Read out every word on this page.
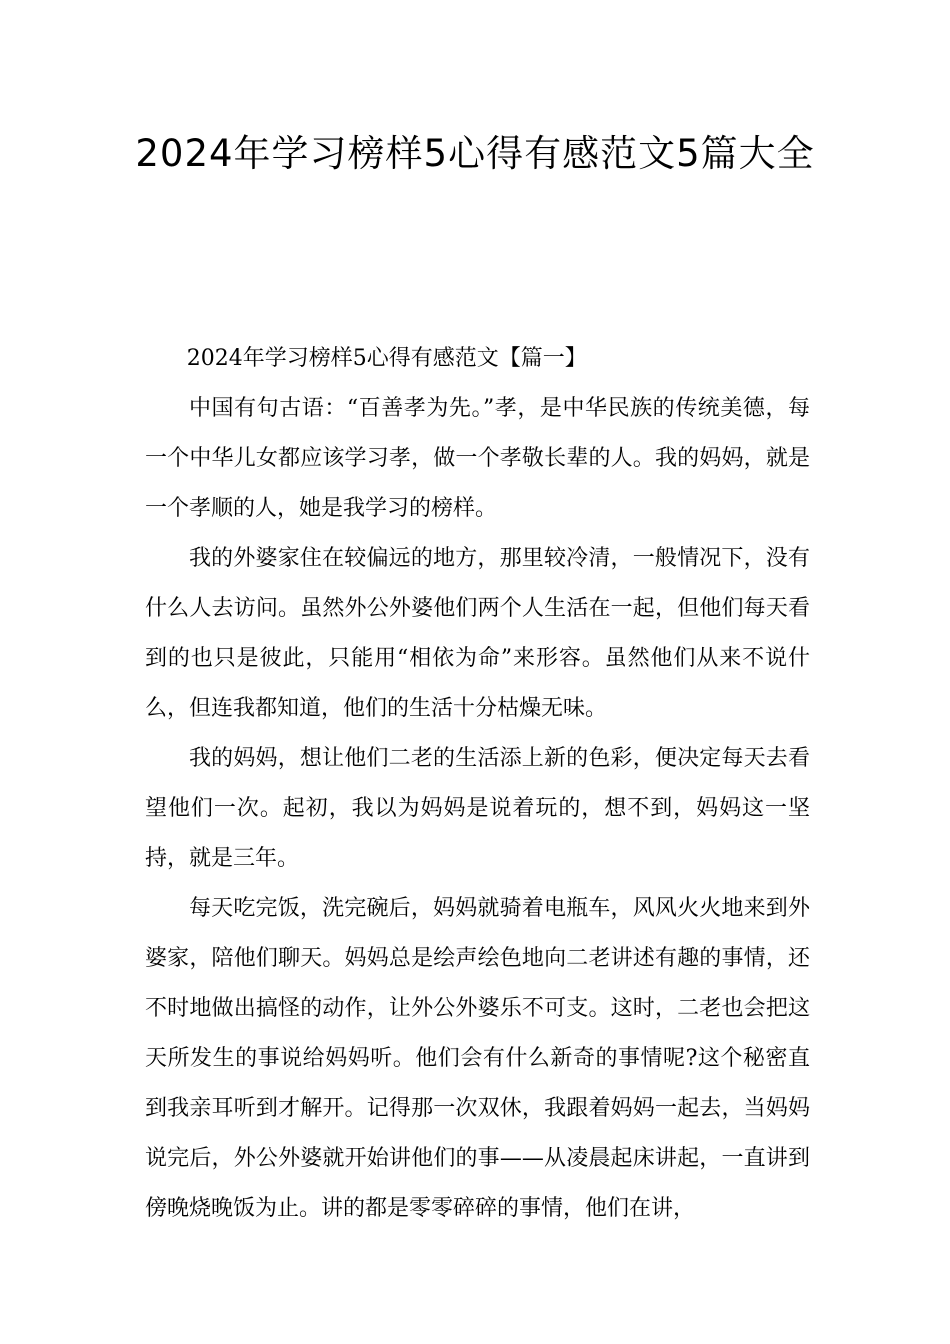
2024年学习榜样5心得有感范文5篇大全

2024年学习榜样5心得有感范文【篇一】

中国有句古语：“百善孝为先。”孝，是中华民族的传统美德，每一个中华儿女都应该学习孝，做一个孝敬长辈的人。我的妈妈，就是一个孝顺的人，她是我学习的榜样。

我的外婆家住在较偏远的地方，那里较冷清，一般情况下，没有什么人去访问。虽然外公外婆他们两个人生活在一起，但他们每天看到的也只是彼此，只能用“相依为命”来形容。虽然他们从来不说什么，但连我都知道，他们的生活十分枯燥无味。

我的妈妈，想让他们二老的生活添上新的色彩，便决定每天去看望他们一次。起初，我以为妈妈是说着玩的，想不到，妈妈这一坚持，就是三年。

每天吃完饭，洗完碗后，妈妈就骑着电瓶车，风风火火地来到外婆家，陪他们聊天。妈妈总是绘声绘色地向二老讲述有趣的事情，还不时地做出搞怪的动作，让外公外婆乐不可支。这时，二老也会把这天所发生的事说给妈妈听。他们会有什么新奇的事情呢?这个秘密直到我亲耳听到才解开。记得那一次双休，我跟着妈妈一起去，当妈妈说完后，外公外婆就开始讲他们的事——从凌晨起床讲起，一直讲到傍晚烧晚饭为止。讲的都是零零碎碎的事情，他们在讲，
